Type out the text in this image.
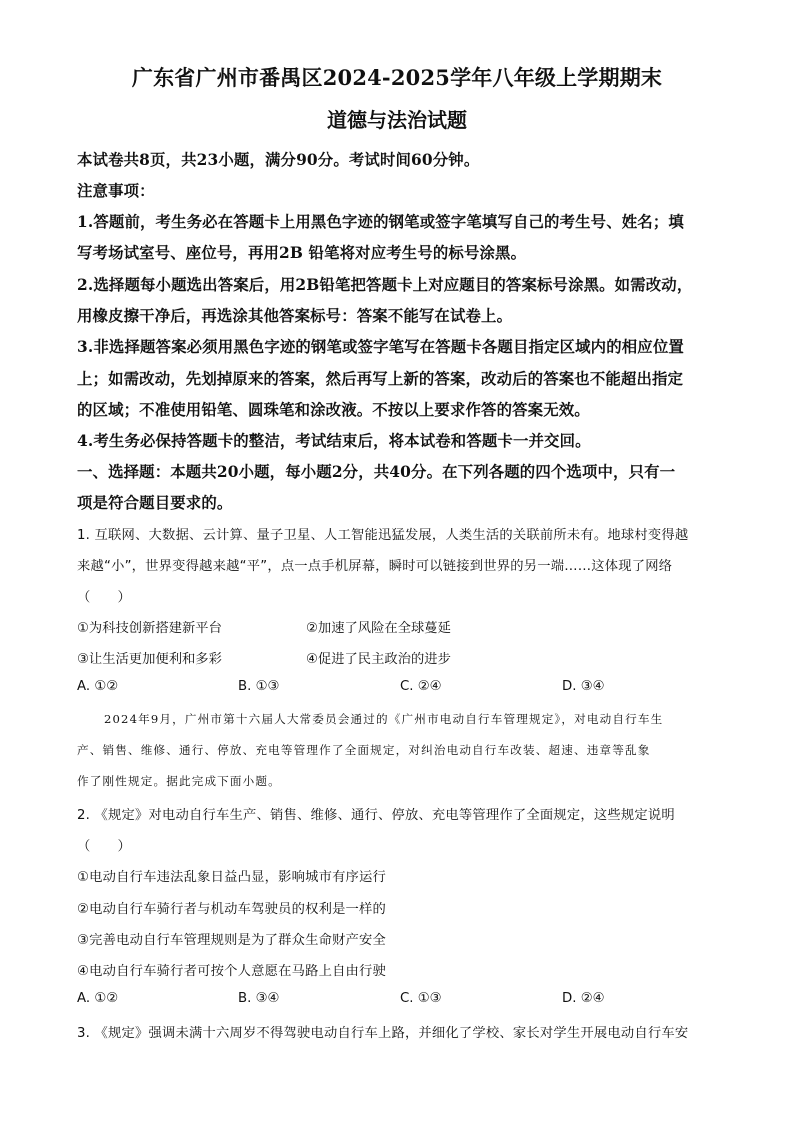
广东省广州市番禺区2024-2025学年八年级上学期期末
道德与法治试题
本试卷共8页，共23小题，满分90分。考试时间60分钟。
注意事项：
1.答题前，考生务必在答题卡上用黑色字迹的钢笔或签字笔填写自己的考生号、姓名；填
写考场试室号、座位号，再用2B 铅笔将对应考生号的标号涂黑。
2.选择题每小题选出答案后，用2B铅笔把答题卡上对应题目的答案标号涂黑。如需改动，
用橡皮擦干净后，再选涂其他答案标号：答案不能写在试卷上。
3.非选择题答案必须用黑色字迹的钢笔或签字笔写在答题卡各题目指定区域内的相应位置
上；如需改动，先划掉原来的答案，然后再写上新的答案，改动后的答案也不能超出指定
的区域；不准使用铅笔、圆珠笔和涂改液。不按以上要求作答的答案无效。
4.考生务必保持答题卡的整洁，考试结束后，将本试卷和答题卡一并交回。
一、选择题：本题共20小题，每小题2分，共40分。在下列各题的四个选项中，只有一
项是符合题目要求的。
1. 互联网、大数据、云计算、量子卫星、人工智能迅猛发展，人类生活的关联前所未有。地球村变得越
来越“小”，世界变得越来越“平”，点一点手机屏幕，瞬时可以链接到世界的另一端……这体现了网络
（　　）
①为科技创新搭建新平台	②加速了风险在全球蔓延
③让生活更加便利和多彩	④促进了民主政治的进步
A. ①②	B. ①③	C. ②④	D. ③④
2024年9月，广州市第十六届人大常委员会通过的《广州市电动自行车管理规定》，对电动自行车生
产、销售、维修、通行、停放、充电等管理作了全面规定，对纠治电动自行车改装、超速、违章等乱象
作了刚性规定。据此完成下面小题。
2. 《规定》对电动自行车生产、销售、维修、通行、停放、充电等管理作了全面规定，这些规定说明
（　　）
①电动自行车违法乱象日益凸显，影响城市有序运行
②电动自行车骑行者与机动车驾驶员的权利是一样的
③完善电动自行车管理规则是为了群众生命财产安全
④电动自行车骑行者可按个人意愿在马路上自由行驶
A. ①②	B. ③④	C. ①③	D. ②④
3. 《规定》强调未满十六周岁不得驾驶电动自行车上路，并细化了学校、家长对学生开展电动自行车安
